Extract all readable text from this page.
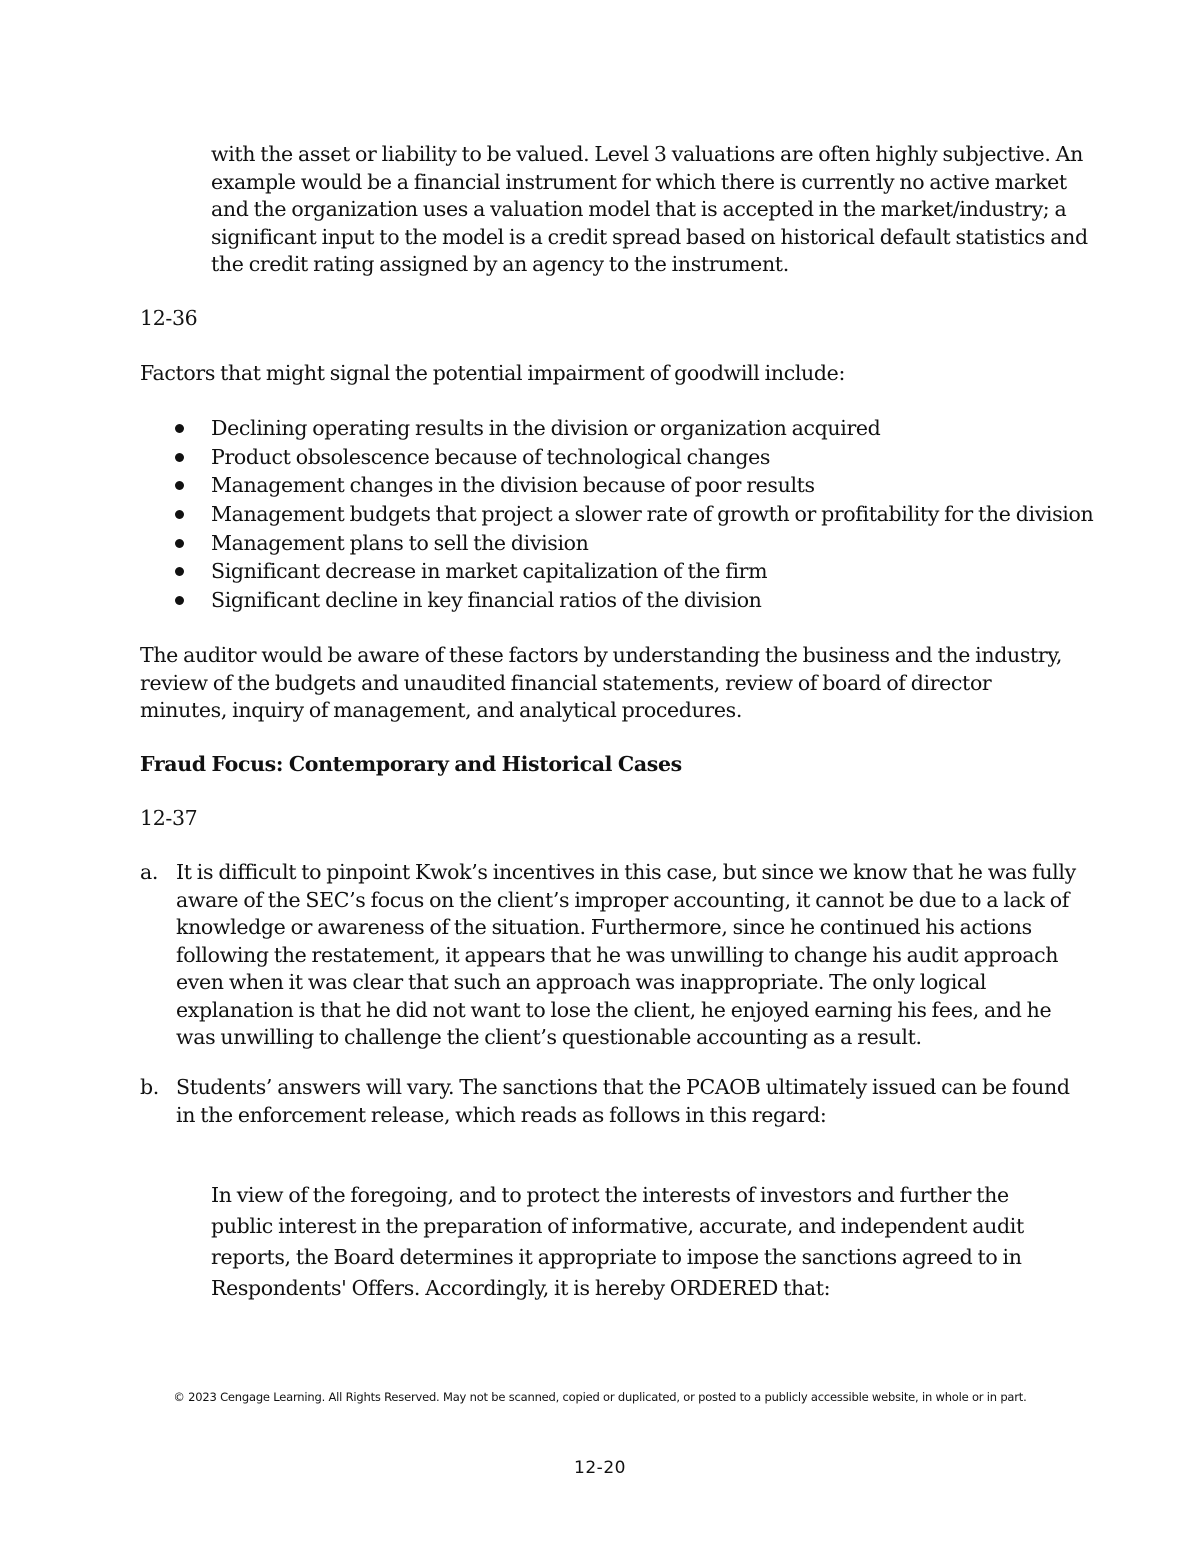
with the asset or liability to be valued. Level 3 valuations are often highly subjective. An example would be a financial instrument for which there is currently no active market and the organization uses a valuation model that is accepted in the market/industry; a significant input to the model is a credit spread based on historical default statistics and the credit rating assigned by an agency to the instrument.

12-36

Factors that might signal the potential impairment of goodwill include:

Declining operating results in the division or organization acquired
Product obsolescence because of technological changes
Management changes in the division because of poor results
Management budgets that project a slower rate of growth or profitability for the division
Management plans to sell the division
Significant decrease in market capitalization of the firm
Significant decline in key financial ratios of the division

The auditor would be aware of these factors by understanding the business and the industry, review of the budgets and unaudited financial statements, review of board of director minutes, inquiry of management, and analytical procedures.

Fraud Focus: Contemporary and Historical Cases
12-37
a. It is difficult to pinpoint Kwok’s incentives in this case, but since we know that he was fully aware of the SEC’s focus on the client’s improper accounting, it cannot be due to a lack of knowledge or awareness of the situation. Furthermore, since he continued his actions following the restatement, it appears that he was unwilling to change his audit approach even when it was clear that such an approach was inappropriate. The only logical explanation is that he did not want to lose the client, he enjoyed earning his fees, and he was unwilling to challenge the client’s questionable accounting as a result.
b. Students’ answers will vary. The sanctions that the PCAOB ultimately issued can be found in the enforcement release, which reads as follows in this regard:

In view of the foregoing, and to protect the interests of investors and further the public interest in the preparation of informative, accurate, and independent audit reports, the Board determines it appropriate to impose the sanctions agreed to in Respondents' Offers. Accordingly, it is hereby ORDERED that:

© 2023 Cengage Learning. All Rights Reserved. May not be scanned, copied or duplicated, or posted to a publicly accessible website, in whole or in part.
12-20
